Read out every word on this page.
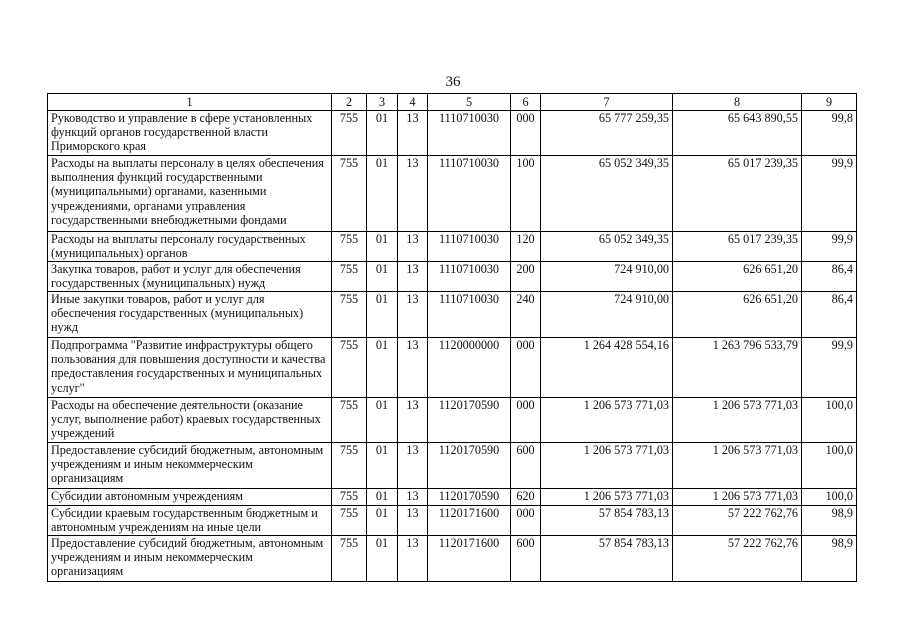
36
1	2	3	4	5	6	7	8	9
Руководство и управление в сфере установленных функций органов государственной власти Приморского края	755	01	13	1110710030	000	65 777 259,35	65 643 890,55	99,8
Расходы на выплаты персоналу в целях обеспечения выполнения функций государственными (муниципальными) органами, казенными учреждениями, органами управления государственными внебюджетными фондами	755	01	13	1110710030	100	65 052 349,35	65 017 239,35	99,9
Расходы на выплаты персоналу государственных (муниципальных) органов	755	01	13	1110710030	120	65 052 349,35	65 017 239,35	99,9
Закупка товаров, работ и услуг для обеспечения государственных (муниципальных) нужд	755	01	13	1110710030	200	724 910,00	626 651,20	86,4
Иные закупки товаров, работ и услуг для обеспечения государственных (муниципальных) нужд	755	01	13	1110710030	240	724 910,00	626 651,20	86,4
Подпрограмма "Развитие инфраструктуры общего пользования для повышения доступности и качества предоставления государственных и муниципальных услуг"	755	01	13	1120000000	000	1 264 428 554,16	1 263 796 533,79	99,9
Расходы на обеспечение деятельности (оказание услуг, выполнение работ) краевых государственных учреждений	755	01	13	1120170590	000	1 206 573 771,03	1 206 573 771,03	100,0
Предоставление субсидий бюджетным, автономным учреждениям и иным некоммерческим организациям	755	01	13	1120170590	600	1 206 573 771,03	1 206 573 771,03	100,0
Субсидии автономным учреждениям	755	01	13	1120170590	620	1 206 573 771,03	1 206 573 771,03	100,0
Субсидии краевым государственным бюджетным и автономным учреждениям на иные цели	755	01	13	1120171600	000	57 854 783,13	57 222 762,76	98,9
Предоставление субсидий бюджетным, автономным учреждениям и иным некоммерческим организациям	755	01	13	1120171600	600	57 854 783,13	57 222 762,76	98,9
